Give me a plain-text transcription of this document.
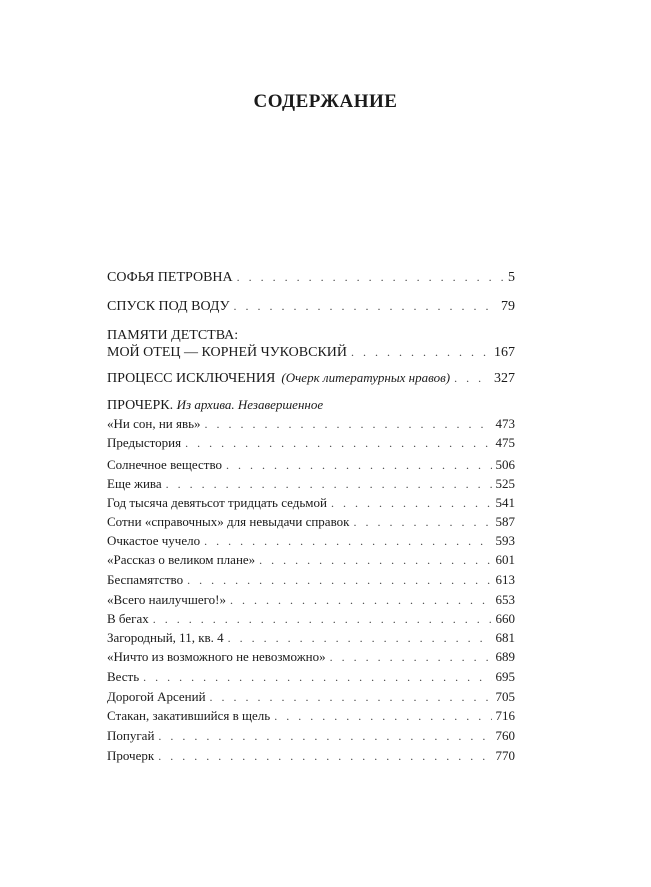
СОДЕРЖАНИЕ
СОФЬЯ ПЕТРОВНА . . .	5
СПУСК ПОД ВОДУ . . .	79
ПАМЯТИ ДЕТСТВА:
МОЙ ОТЕЦ — КОРНЕЙ ЧУКОВСКИЙ . . .	167
ПРОЦЕСС ИСКЛЮЧЕНИЯ (Очерк литературных нравов) . . .	327
ПРОЧЕРК. Из архива. Незавершенное
«Ни сон, ни явь» . . .	473
Предыстория . . .	475
Солнечное вещество . . .	506
Еще жива . . .	525
Год тысяча девятьсот тридцать седьмой . . .	541
Сотни «справочных» для невыдачи справок . . .	587
Очкастое чучело . . .	593
«Рассказ о великом плане» . . .	601
Беспамятство . . .	613
«Всего наилучшего!» . . .	653
В бегах . . .	660
Загородный, 11, кв. 4 . . .	681
«Ничто из возможного не невозможно» . . .	689
Весть . . .	695
Дорогой Арсений . . .	705
Стакан, закатившийся в щель . . .	716
Попугай . . .	760
Прочерк . . .	770
